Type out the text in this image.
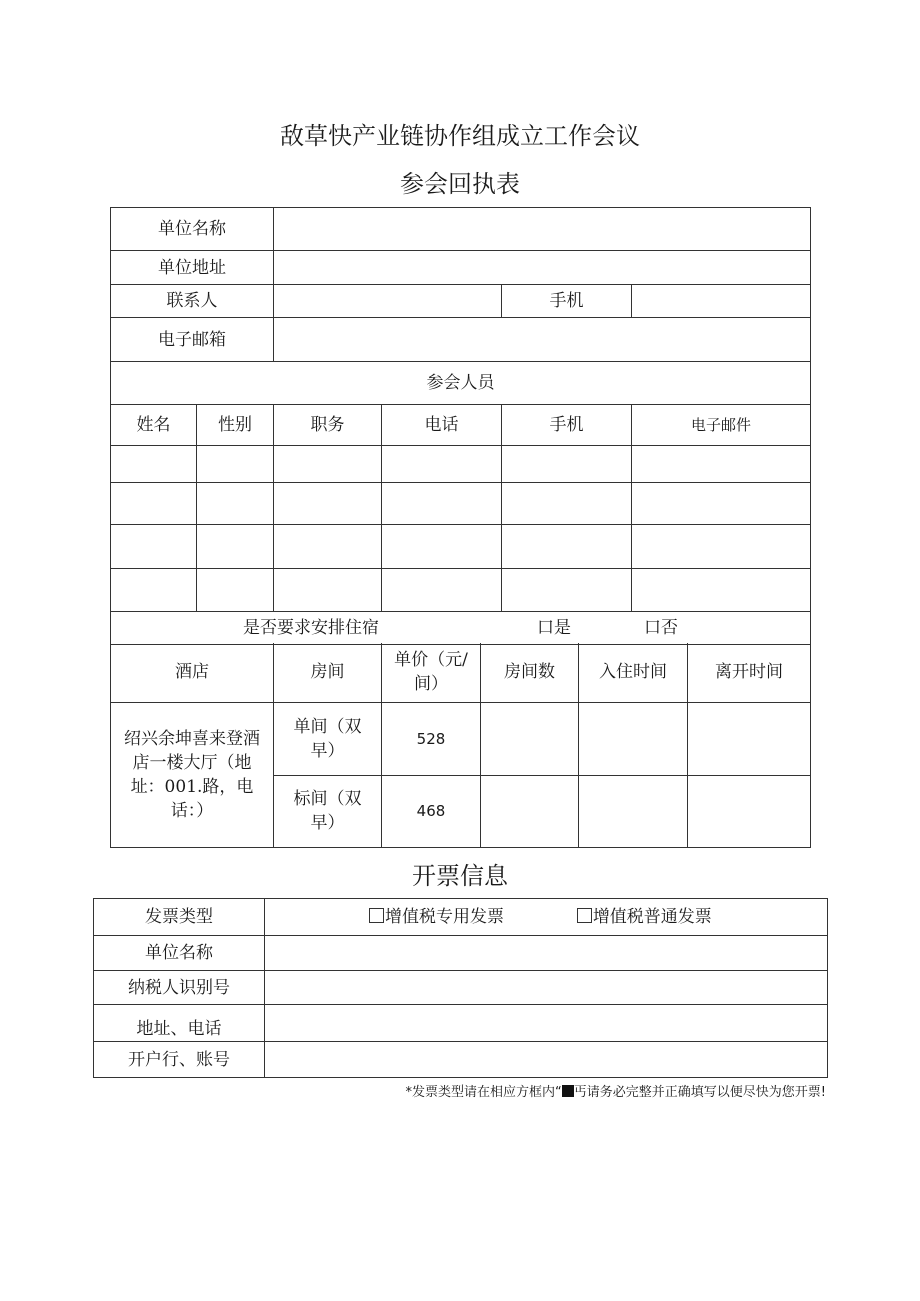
敌草快产业链协作组成立工作会议
参会回执表
单位名称					
单位地址					
联系人				手机	
电子邮箱					
参会人员					
姓名	性别	职务	电话	手机	电子邮件

是否要求安排住宿 口是 口否					
酒店	房间	单价（元/间）	房间数	入住时间	离开时间
绍兴余坤喜来登酒店一楼大厅（地址：001.路，电话：）	单间（双早）	528			
	标间（双早）	468			
发票类型	增值税专用发票 增值税普通发票
单位名称	
纳税人识别号	
地址、电话	
开户行、账号	
开票信息
*发票类型请在相应方框内“ 丐请务必完整并正确填写以便尽快为您开票!
